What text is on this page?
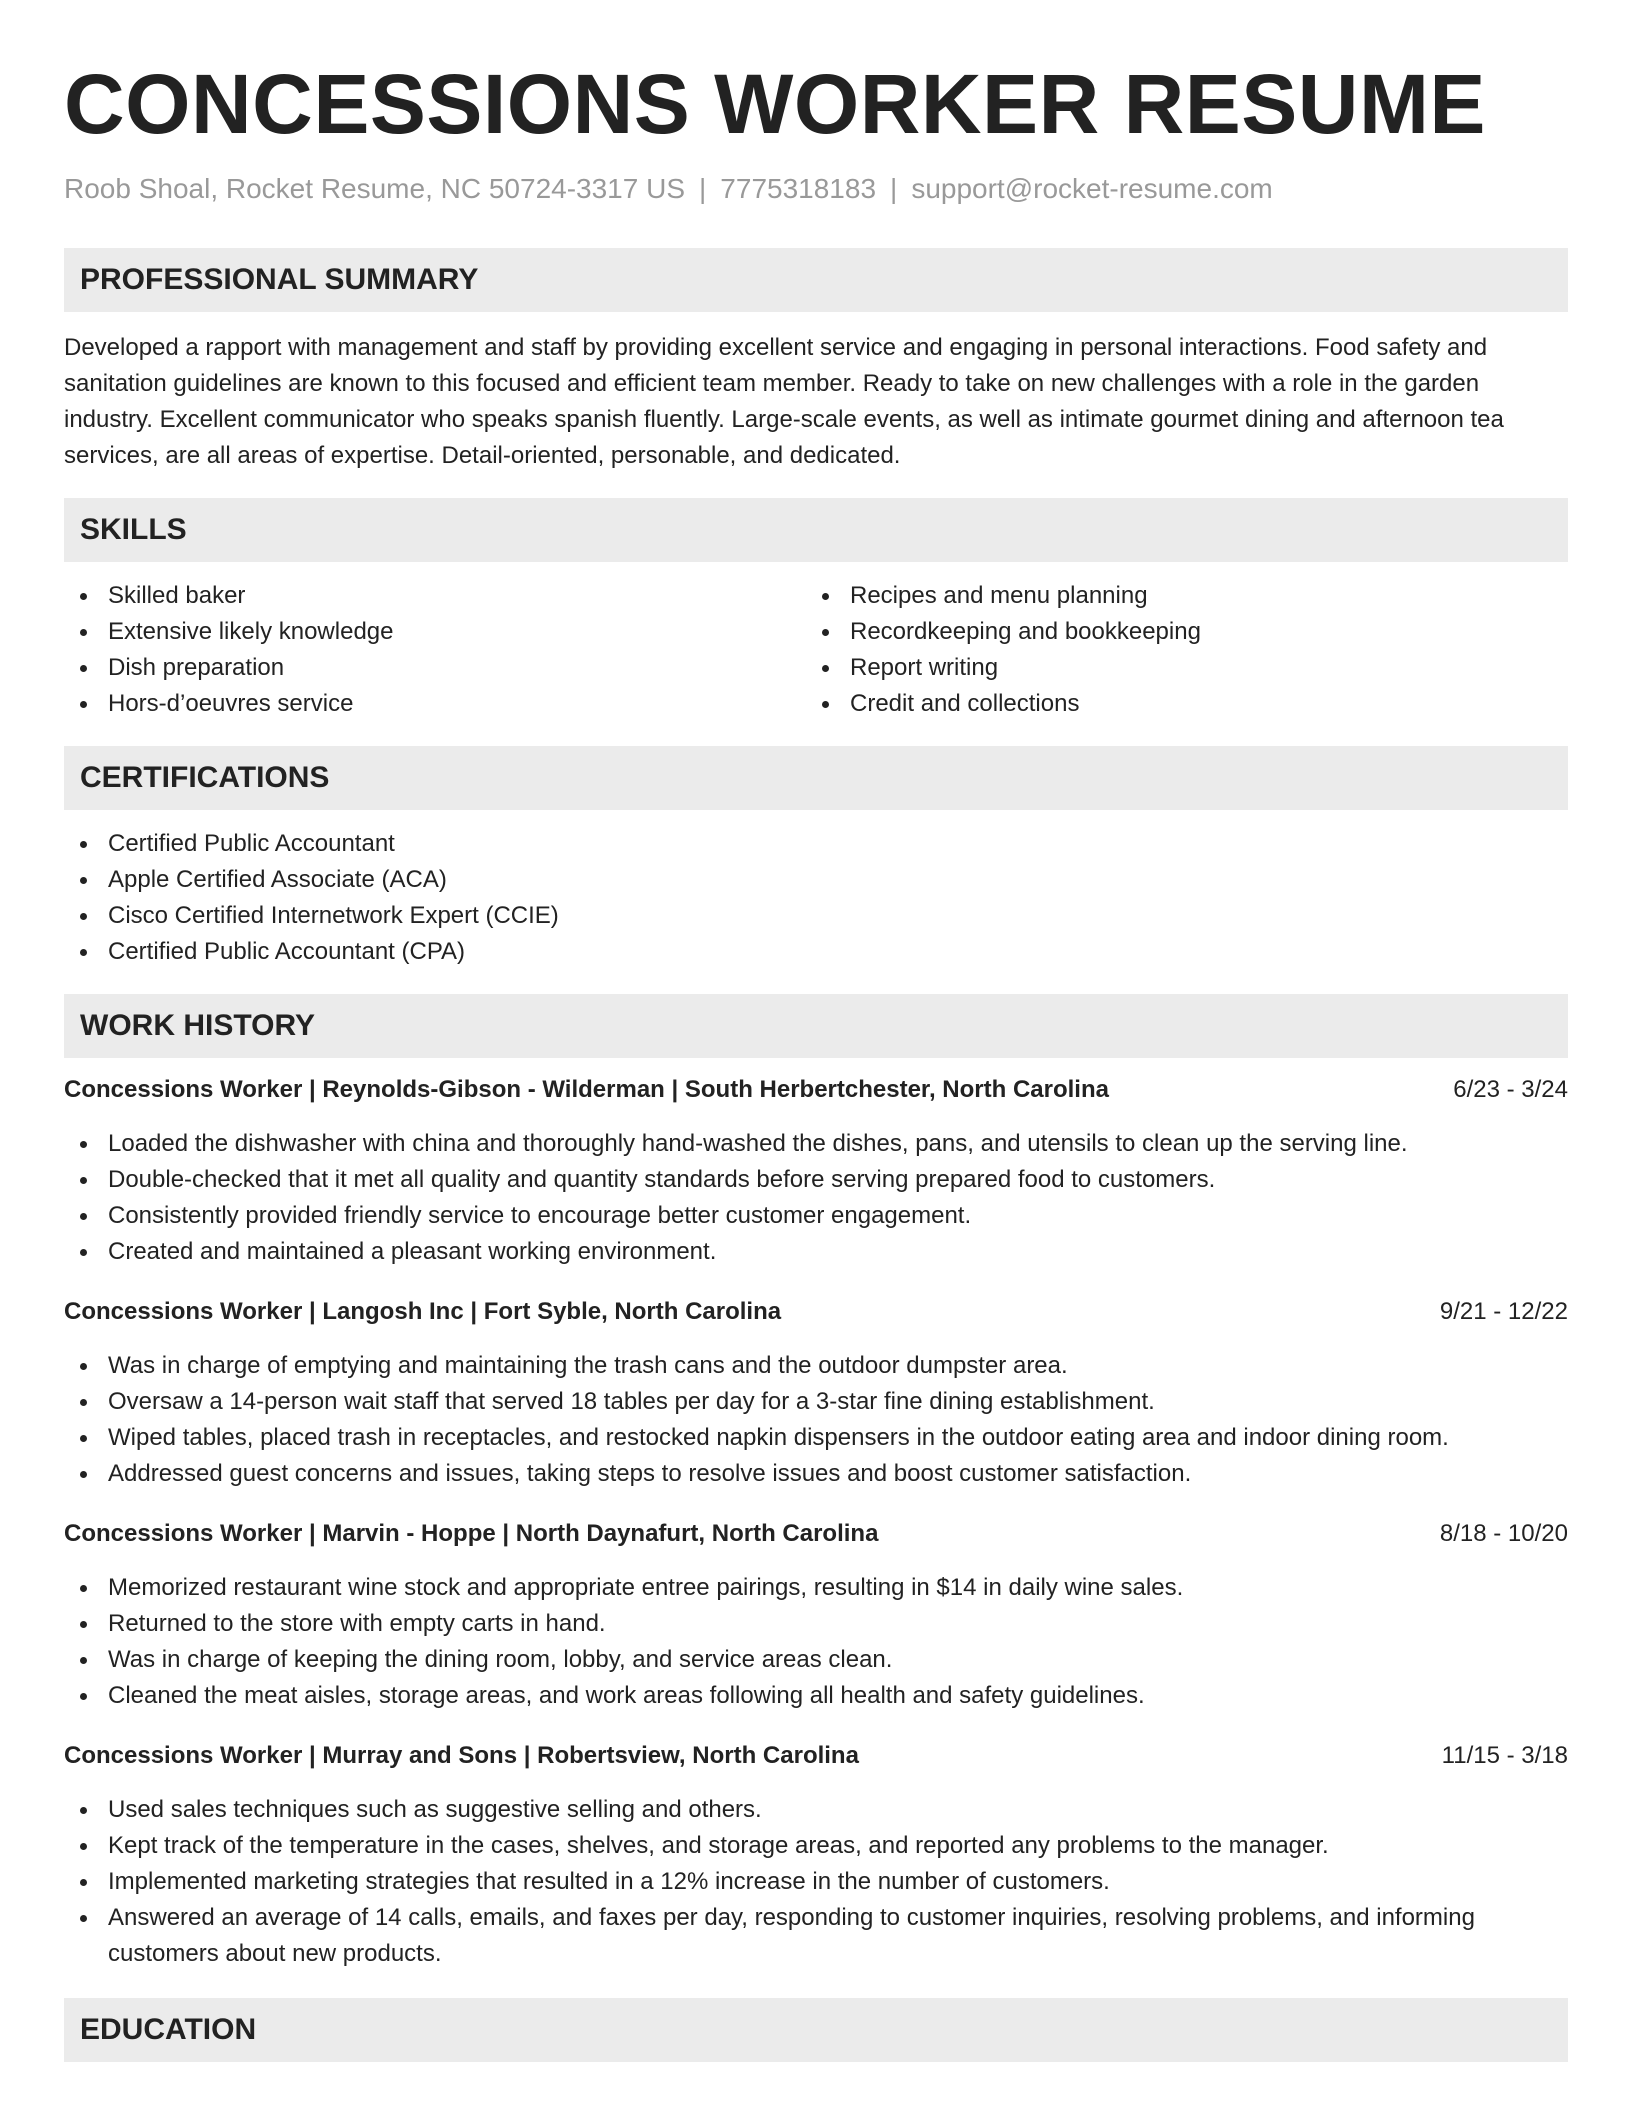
CONCESSIONS WORKER RESUME
Roob Shoal, Rocket Resume, NC 50724-3317 US | 7775318183 | support@rocket-resume.com
PROFESSIONAL SUMMARY

Developed a rapport with management and staff by providing excellent service and engaging in personal interactions. Food safety and sanitation guidelines are known to this focused and efficient team member. Ready to take on new challenges with a role in the garden industry. Excellent communicator who speaks spanish fluently. Large-scale events, as well as intimate gourmet dining and afternoon tea services, are all areas of expertise. Detail-oriented, personable, and dedicated.

SKILLS
Skilled baker
Extensive likely knowledge
Dish preparation
Hors-d’oeuvres service
Recipes and menu planning
Recordkeeping and bookkeeping
Report writing
Credit and collections
CERTIFICATIONS
Certified Public Accountant
Apple Certified Associate (ACA)
Cisco Certified Internetwork Expert (CCIE)
Certified Public Accountant (CPA)
WORK HISTORY
Concessions Worker | Reynolds-Gibson - Wilderman | South Herbertchester, North Carolina	6/23 - 3/24
Loaded the dishwasher with china and thoroughly hand-washed the dishes, pans, and utensils to clean up the serving line.
Double-checked that it met all quality and quantity standards before serving prepared food to customers.
Consistently provided friendly service to encourage better customer engagement.
Created and maintained a pleasant working environment.
Concessions Worker | Langosh Inc | Fort Syble, North Carolina	9/21 - 12/22
Was in charge of emptying and maintaining the trash cans and the outdoor dumpster area.
Oversaw a 14-person wait staff that served 18 tables per day for a 3-star fine dining establishment.
Wiped tables, placed trash in receptacles, and restocked napkin dispensers in the outdoor eating area and indoor dining room.
Addressed guest concerns and issues, taking steps to resolve issues and boost customer satisfaction.
Concessions Worker | Marvin - Hoppe | North Daynafurt, North Carolina	8/18 - 10/20
Memorized restaurant wine stock and appropriate entree pairings, resulting in $14 in daily wine sales.
Returned to the store with empty carts in hand.
Was in charge of keeping the dining room, lobby, and service areas clean.
Cleaned the meat aisles, storage areas, and work areas following all health and safety guidelines.
Concessions Worker | Murray and Sons | Robertsview, North Carolina	11/15 - 3/18
Used sales techniques such as suggestive selling and others.
Kept track of the temperature in the cases, shelves, and storage areas, and reported any problems to the manager.
Implemented marketing strategies that resulted in a 12% increase in the number of customers.
Answered an average of 14 calls, emails, and faxes per day, responding to customer inquiries, resolving problems, and informing customers about new products.
EDUCATION
